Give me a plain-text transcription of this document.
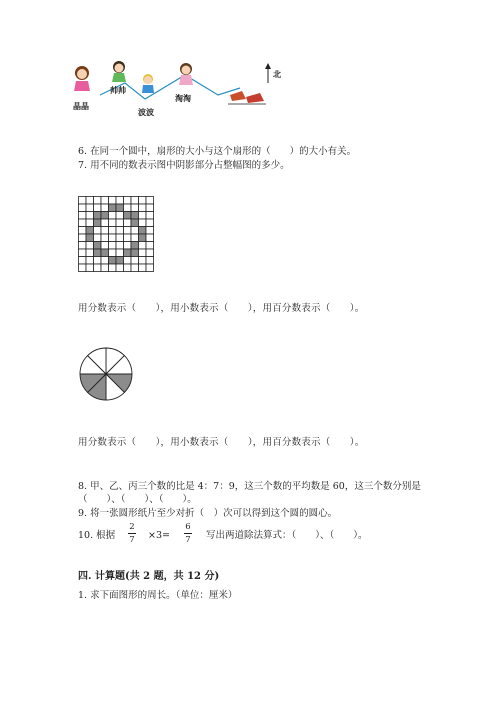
晶晶
帅帅
波波
淘淘
北
6. 在同一个圆中，扇形的大小与这个扇形的（　　）的大小有关。
7. 用不同的数表示图中阴影部分占整幅图的多少。
用分数表示（　　），用小数表示（　　），用百分数表示（　　）。
用分数表示（　　），用小数表示（　　），用百分数表示（　　）。
8. 甲、乙、丙三个数的比是 4：7：9，这三个数的平均数是 60，这三个数分别是
（　　）、（　　）、（　　）。
9. 将一张圆形纸片至少对折（　）次可以得到这个圆的圆心。
10. 根据
2
7	×3=
6
7	写出两道除法算式：（　　）、（　　）。
四. 计算题(共 2 题，共 12 分)
1. 求下面图形的周长。（单位：厘米）
